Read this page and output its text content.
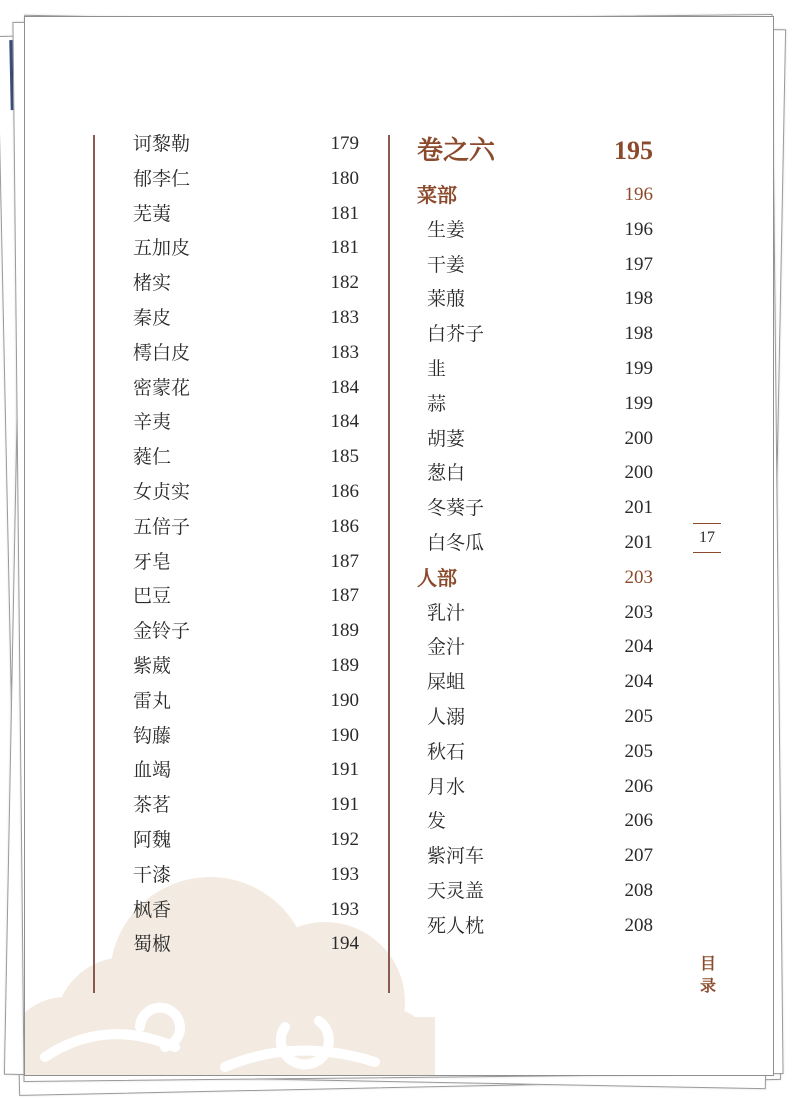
诃黎勒	179
郁李仁	180
芜荑	181
五加皮	181
楮实	182
秦皮	183
樗白皮	183
密蒙花	184
辛夷	184
蕤仁	185
女贞实	186
五倍子	186
牙皂	187
巴豆	187
金铃子	189
紫葳	189
雷丸	190
钩藤	190
血竭	191
茶茗	191
阿魏	192
干漆	193
枫香	193
蜀椒	194
卷之六	195
菜部	196
生姜	196
干姜	197
莱菔	198
白芥子	198
韭	199
蒜	199
胡荽	200
葱白	200
冬葵子	201
白冬瓜	201
人部	203
乳汁	203
金汁	204
屎蛆	204
人溺	205
秋石	205
月水	206
发	206
紫河车	207
天灵盖	208
死人枕	208
17
目录
